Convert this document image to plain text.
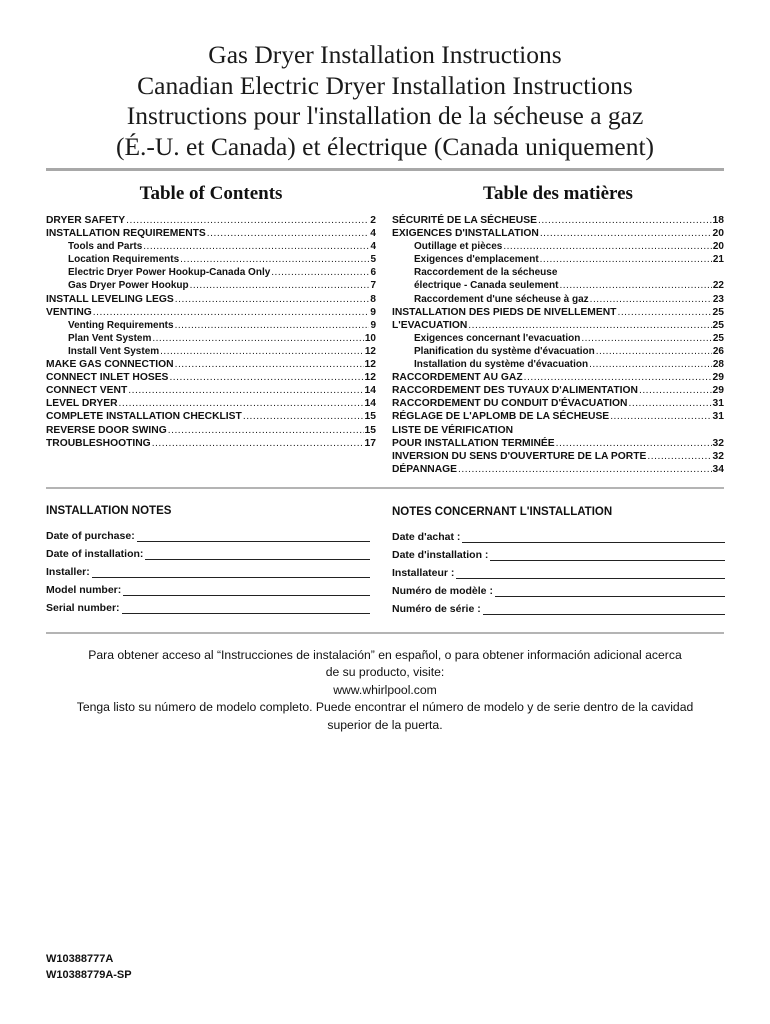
Gas Dryer Installation Instructions
Canadian Electric Dryer Installation Instructions
Instructions pour l'installation de la sécheuse a gaz
(É.-U. et Canada) et électrique (Canada uniquement)
Table of Contents	Table des matières
DRYER SAFETY .....	2
INSTALLATION REQUIREMENTS .....	4
Tools and Parts .....	4
Location Requirements .....	5
Electric Dryer Power Hookup-Canada Only .....	6
Gas Dryer Power Hookup .....	7
INSTALL LEVELING LEGS .....	8
VENTING .....	9
Venting Requirements .....	9
Plan Vent System .....	10
Install Vent System .....	12
MAKE GAS CONNECTION .....	12
CONNECT INLET HOSES .....	12
CONNECT VENT .....	14
LEVEL DRYER .....	14
COMPLETE INSTALLATION CHECKLIST .....	15
REVERSE DOOR SWING .....	15
TROUBLESHOOTING .....	17
SÉCURITÉ DE LA SÉCHEUSE .....	18
EXIGENCES D'INSTALLATION .....	20
Outillage et pièces .....	20
Exigences d'emplacement .....	21
Raccordement de la sécheuse
électrique - Canada seulement .....	22
Raccordement d'une sécheuse à gaz .....	23
INSTALLATION DES PIEDS DE NIVELLEMENT .....	25
L'EVACUATION .....	25
Exigences concernant l'evacuation .....	25
Planification du système d'évacuation .....	26
Installation du système d'évacuation .....	28
RACCORDEMENT AU GAZ .....	29
RACCORDEMENT DES TUYAUX D'ALIMENTATION .....	29
RACCORDEMENT DU CONDUIT D'ÉVACUATION .....	31
RÉGLAGE DE L'APLOMB DE LA SÉCHEUSE .....	31
LISTE DE VÉRIFICATION
POUR INSTALLATION TERMINÉE .....	32
INVERSION DU SENS D'OUVERTURE DE LA PORTE .....	32
DÉPANNAGE .....	34
INSTALLATION NOTES	NOTES CONCERNANT L'INSTALLATION
Date of purchase:
Date of installation:
Installer:
Model number:
Serial number:
Date d'achat :
Date d'installation :
Installateur :
Numéro de modèle :
Numéro de série :
Para obtener acceso al “Instrucciones de instalación” en español, o para obtener información adicional acerca
de su producto, visite:
www.whirlpool.com
Tenga listo su número de modelo completo. Puede encontrar el número de modelo y de serie dentro de la cavidad
superior de la puerta.
W10388777A
W10388779A-SP
